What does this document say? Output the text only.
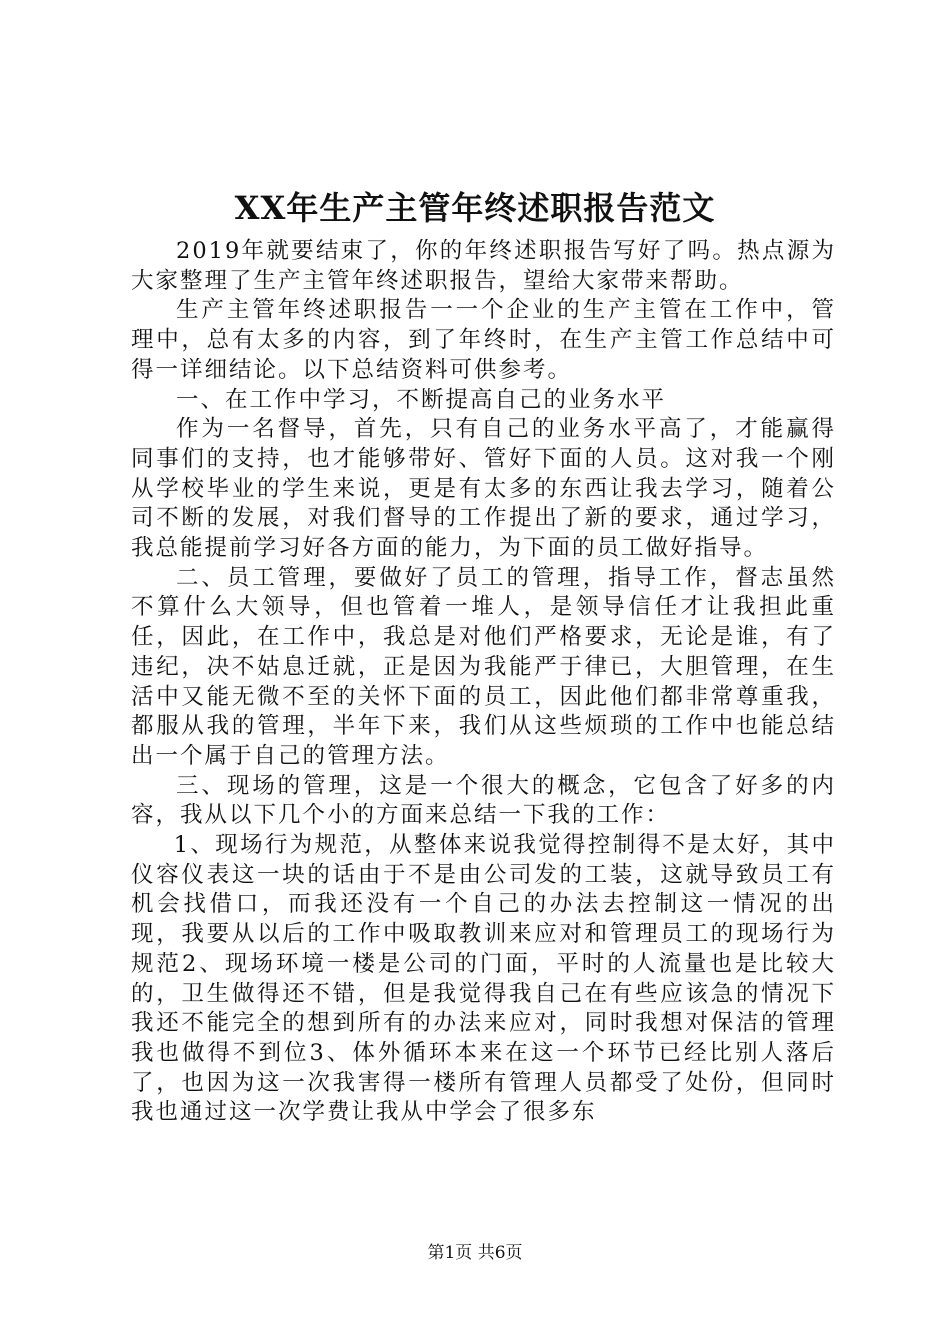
XX年生产主管年终述职报告范文

2019年就要结束了，你的年终述职报告写好了吗。热点源为大家整理了生产主管年终述职报告，望给大家带来帮助。

生产主管年终述职报告一一个企业的生产主管在工作中，管理中，总有太多的内容，到了年终时，在生产主管工作总结中可得一详细结论。以下总结资料可供参考。

一、在工作中学习，不断提高自己的业务水平

作为一名督导，首先，只有自己的业务水平高了，才能赢得同事们的支持，也才能够带好、管好下面的人员。这对我一个刚从学校毕业的学生来说，更是有太多的东西让我去学习，随着公司不断的发展，对我们督导的工作提出了新的要求，通过学习，我总能提前学习好各方面的能力，为下面的员工做好指导。

二、员工管理，要做好了员工的管理，指导工作，督志虽然不算什么大领导，但也管着一堆人，是领导信任才让我担此重任，因此，在工作中，我总是对他们严格要求，无论是谁，有了违纪，决不姑息迁就，正是因为我能严于律已，大胆管理，在生活中又能无微不至的关怀下面的员工，因此他们都非常尊重我，都服从我的管理，半年下来，我们从这些烦琐的工作中也能总结出一个属于自己的管理方法。

三、现场的管理，这是一个很大的概念，它包含了好多的内容，我从以下几个小的方面来总结一下我的工作：

1、现场行为规范，从整体来说我觉得控制得不是太好，其中仪容仪表这一块的话由于不是由公司发的工装，这就导致员工有机会找借口，而我还没有一个自己的办法去控制这一情况的出现，我要从以后的工作中吸取教训来应对和管理员工的现场行为规范2、现场环境一楼是公司的门面，平时的人流量也是比较大的，卫生做得还不错，但是我觉得我自己在有些应该急的情况下我还不能完全的想到所有的办法来应对，同时我想对保洁的管理我也做得不到位3、体外循环本来在这一个环节已经比别人落后了，也因为这一次我害得一楼所有管理人员都受了处份，但同时我也通过这一次学费让我从中学会了很多东

第1页 共6页
